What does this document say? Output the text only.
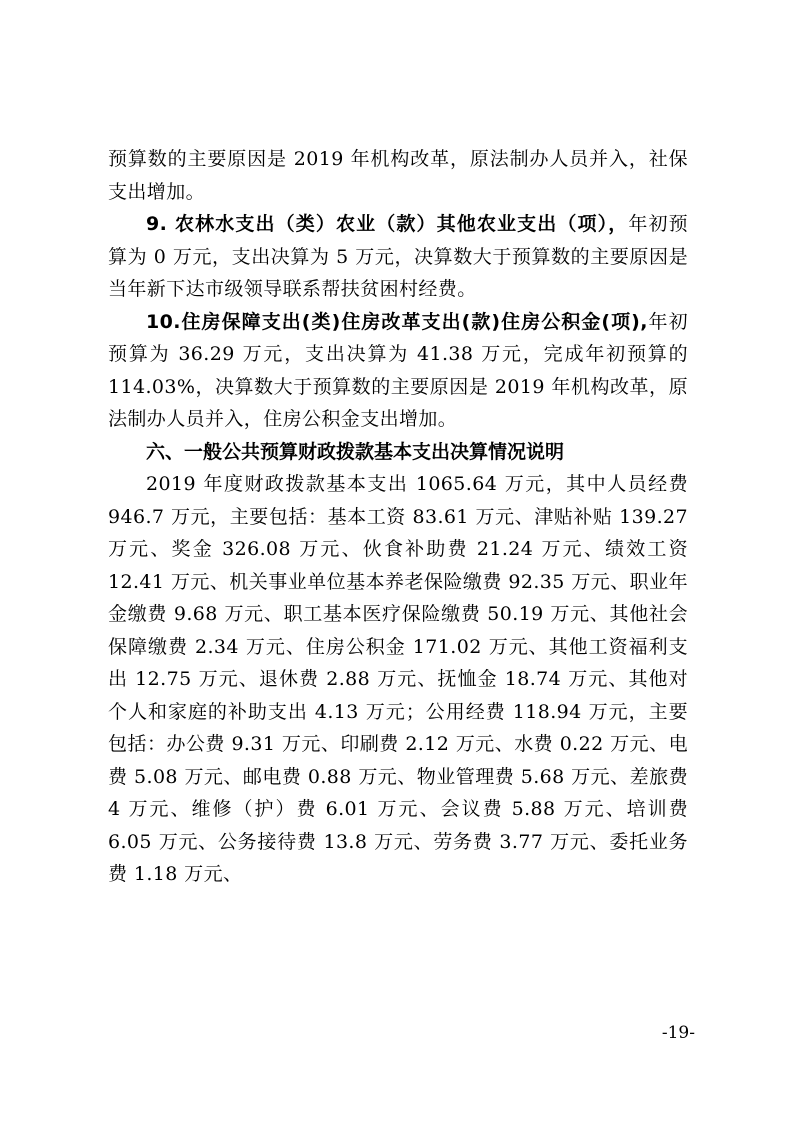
预算数的主要原因是 2019 年机构改革，原法制办人员并入，社保支出增加。

9. 农林水支出（类）农业（款）其他农业支出（项），年初预算为 0 万元，支出决算为 5 万元，决算数大于预算数的主要原因是当年新下达市级领导联系帮扶贫困村经费。

10.住房保障支出(类)住房改革支出(款)住房公积金(项),年初预算为 36.29 万元，支出决算为 41.38 万元，完成年初预算的 114.03%，决算数大于预算数的主要原因是 2019 年机构改革，原法制办人员并入，住房公积金支出增加。

六、一般公共预算财政拨款基本支出决算情况说明

2019 年度财政拨款基本支出 1065.64 万元，其中人员经费 946.7 万元，主要包括：基本工资 83.61 万元、津贴补贴 139.27 万元、奖金 326.08 万元、伙食补助费 21.24 万元、绩效工资 12.41 万元、机关事业单位基本养老保险缴费 92.35 万元、职业年金缴费 9.68 万元、职工基本医疗保险缴费 50.19 万元、其他社会保障缴费 2.34 万元、住房公积金 171.02 万元、其他工资福利支出 12.75 万元、退休费 2.88 万元、抚恤金 18.74 万元、其他对个人和家庭的补助支出 4.13 万元；公用经费 118.94 万元，主要包括：办公费 9.31 万元、印刷费 2.12 万元、水费 0.22 万元、电费 5.08 万元、邮电费 0.88 万元、物业管理费 5.68 万元、差旅费 4 万元、维修（护）费 6.01 万元、会议费 5.88 万元、培训费 6.05 万元、公务接待费 13.8 万元、劳务费 3.77 万元、委托业务费 1.18 万元、

-19-
